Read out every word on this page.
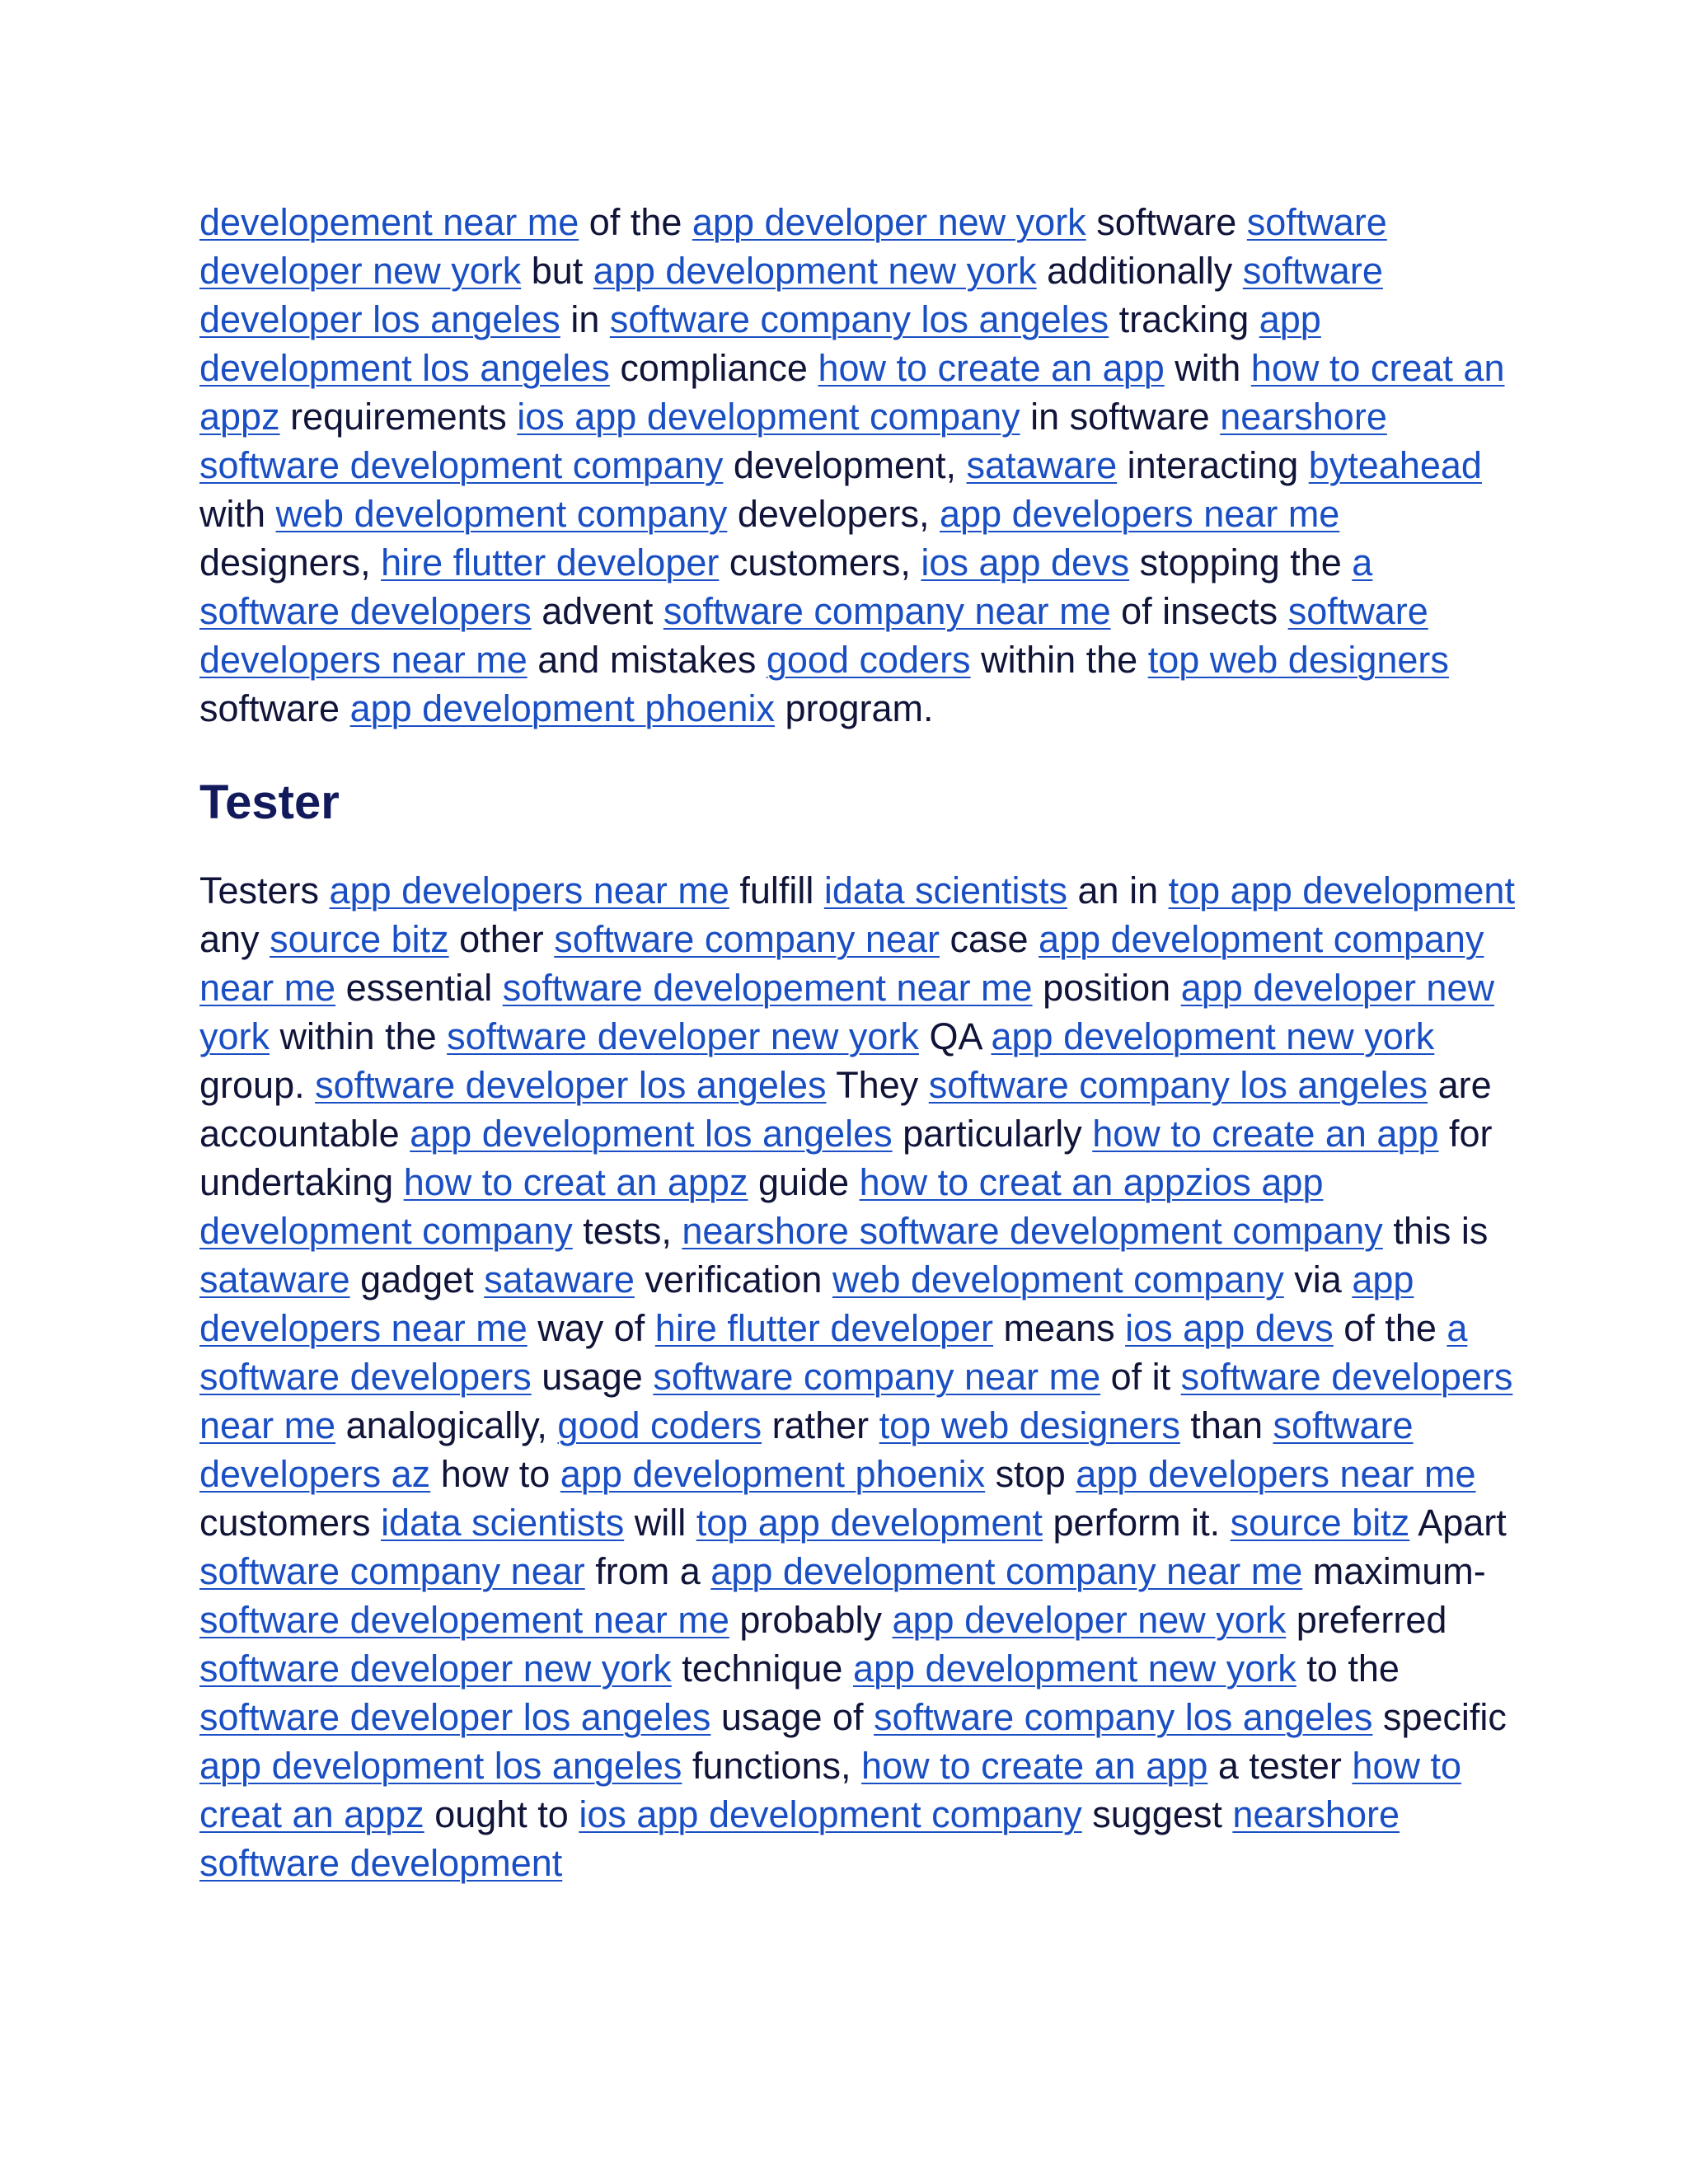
developement near me of the app developer new york software software developer new york but app development new york additionally software developer los angeles in software company los angeles tracking app development los angeles compliance how to create an app with how to creat an appz requirements ios app development company in software nearshore software development company development, sataware interacting byteahead with web development company developers, app developers near me designers, hire flutter developer customers, ios app devs stopping the a software developers advent software company near me of insects software developers near me and mistakes good coders within the top web designers software app development phoenix program.

Tester

Testers app developers near me fulfill idata scientists an in top app development any source bitz other software company near case app development company near me essential software developement near me position app developer new york within the software developer new york QA app development new york group. software developer los angeles They software company los angeles are accountable app development los angeles particularly how to create an app for undertaking how to creat an appz guide how to creat an appzios app development company tests, nearshore software development company this is sataware gadget sataware verification web development company via app developers near me way of hire flutter developer means ios app devs of the a software developers usage software company near me of it software developers near me analogically, good coders rather top web designers than software developers az how to app development phoenix stop app developers near me customers idata scientists will top app development perform it. source bitz Apart software company near from a app development company near me maximum- software developement near me probably app developer new york preferred software developer new york technique app development new york to the software developer los angeles usage of software company los angeles specific app development los angeles functions, how to create an app a tester how to creat an appz ought to ios app development company suggest nearshore software development
